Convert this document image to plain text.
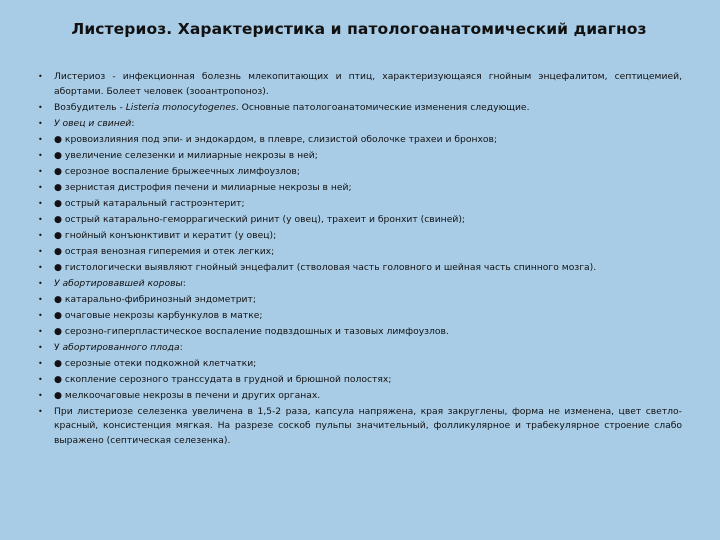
Листериоз. Характеристика и патологоанатомический диагноз
• Листериоз - инфекционная болезнь млекопитающих и птиц, характеризующаяся гнойным энцефалитом, септицемией, абортами. Болеет человек (зооантропоноз).
• Возбудитель - Listeria monocytogenes. Основные патологоанатомические изменения следующие.
• У овец и свиней:
• ● кровоизлияния под эпи- и эндокардом, в плевре, слизистой оболочке трахеи и бронхов;
• ● увеличение селезенки и милиарные некрозы в ней;
• ● серозное воспаление брыжеечных лимфоузлов;
• ● зернистая дистрофия печени и милиарные некрозы в ней;
• ● острый катаральный гастроэнтерит;
• ● острый катарально-геморрагический ринит (у овец), трахеит и бронхит (свиней);
• ● гнойный конъюнктивит и кератит (у овец);
• ● острая венозная гиперемия и отек легких;
• ● гистологически выявляют гнойный энцефалит (стволовая часть головного и шейная часть спинного мозга).
• У абортировавшей коровы:
• ● катарально-фибринозный эндометрит;
• ● очаговые некрозы карбункулов в матке;
• ● серозно-гиперпластическое воспаление подвздошных и тазовых лимфоузлов.
• У абортированного плода:
• ● серозные отеки подкожной клетчатки;
• ● скопление серозного транссудата в грудной и брюшной полостях;
• ● мелкоочаговые некрозы в печени и других органах.
• При листериозе селезенка увеличена в 1,5-2 раза, капсула напряжена, края закруглены, форма не изменена, цвет светло- красный, консистенция мягкая. На разрезе соскоб пульпы значительный, фолликулярное и трабекулярное строение слабо выражено (септическая селезенка).
